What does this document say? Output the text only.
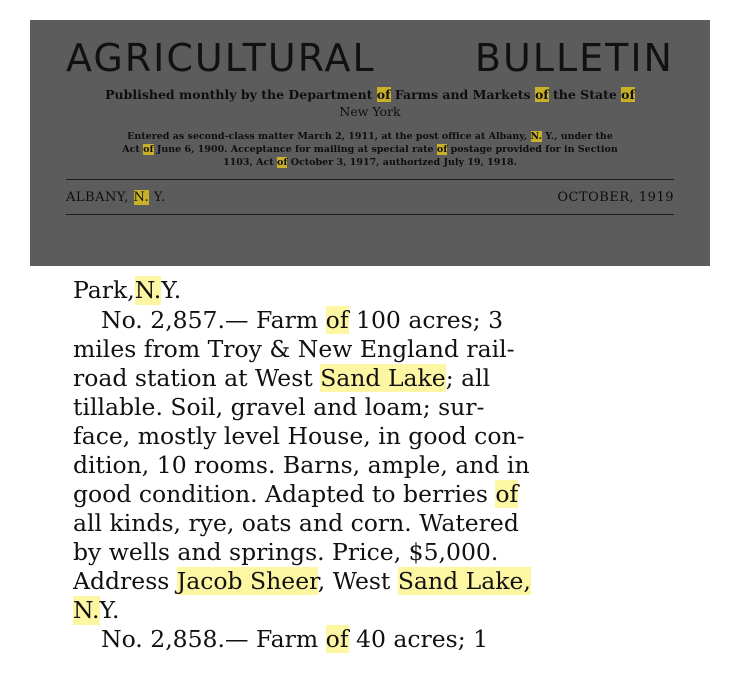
AGRICULTURAL	BULLETIN
Published monthly by the Department of Farms and Markets of the State of
New York
Entered as second-class matter March 2, 1911, at the post office at Albany, N. Y., under the
Act of June 6, 1900. Acceptance for mailing at special rate of postage provided for in Section
1103, Act of October 3, 1917, authorized July 19, 1918.
ALBANY, N. Y.	OCTOBER, 1919
Park, N. Y.
No. 2,857.— Farm of 100 acres; 3
miles from Troy & New England rail-
road station at West Sand Lake; all
tillable. Soil, gravel and loam; sur-
face, mostly level House, in good con-
dition, 10 rooms. Barns, ample, and in
good condition. Adapted to berries of
all kinds, rye, oats and corn. Watered
by wells and springs. Price, $5,000.
Address Jacob Sheer, West Sand Lake,
N. Y.
No. 2,858.— Farm of 40 acres; 1
